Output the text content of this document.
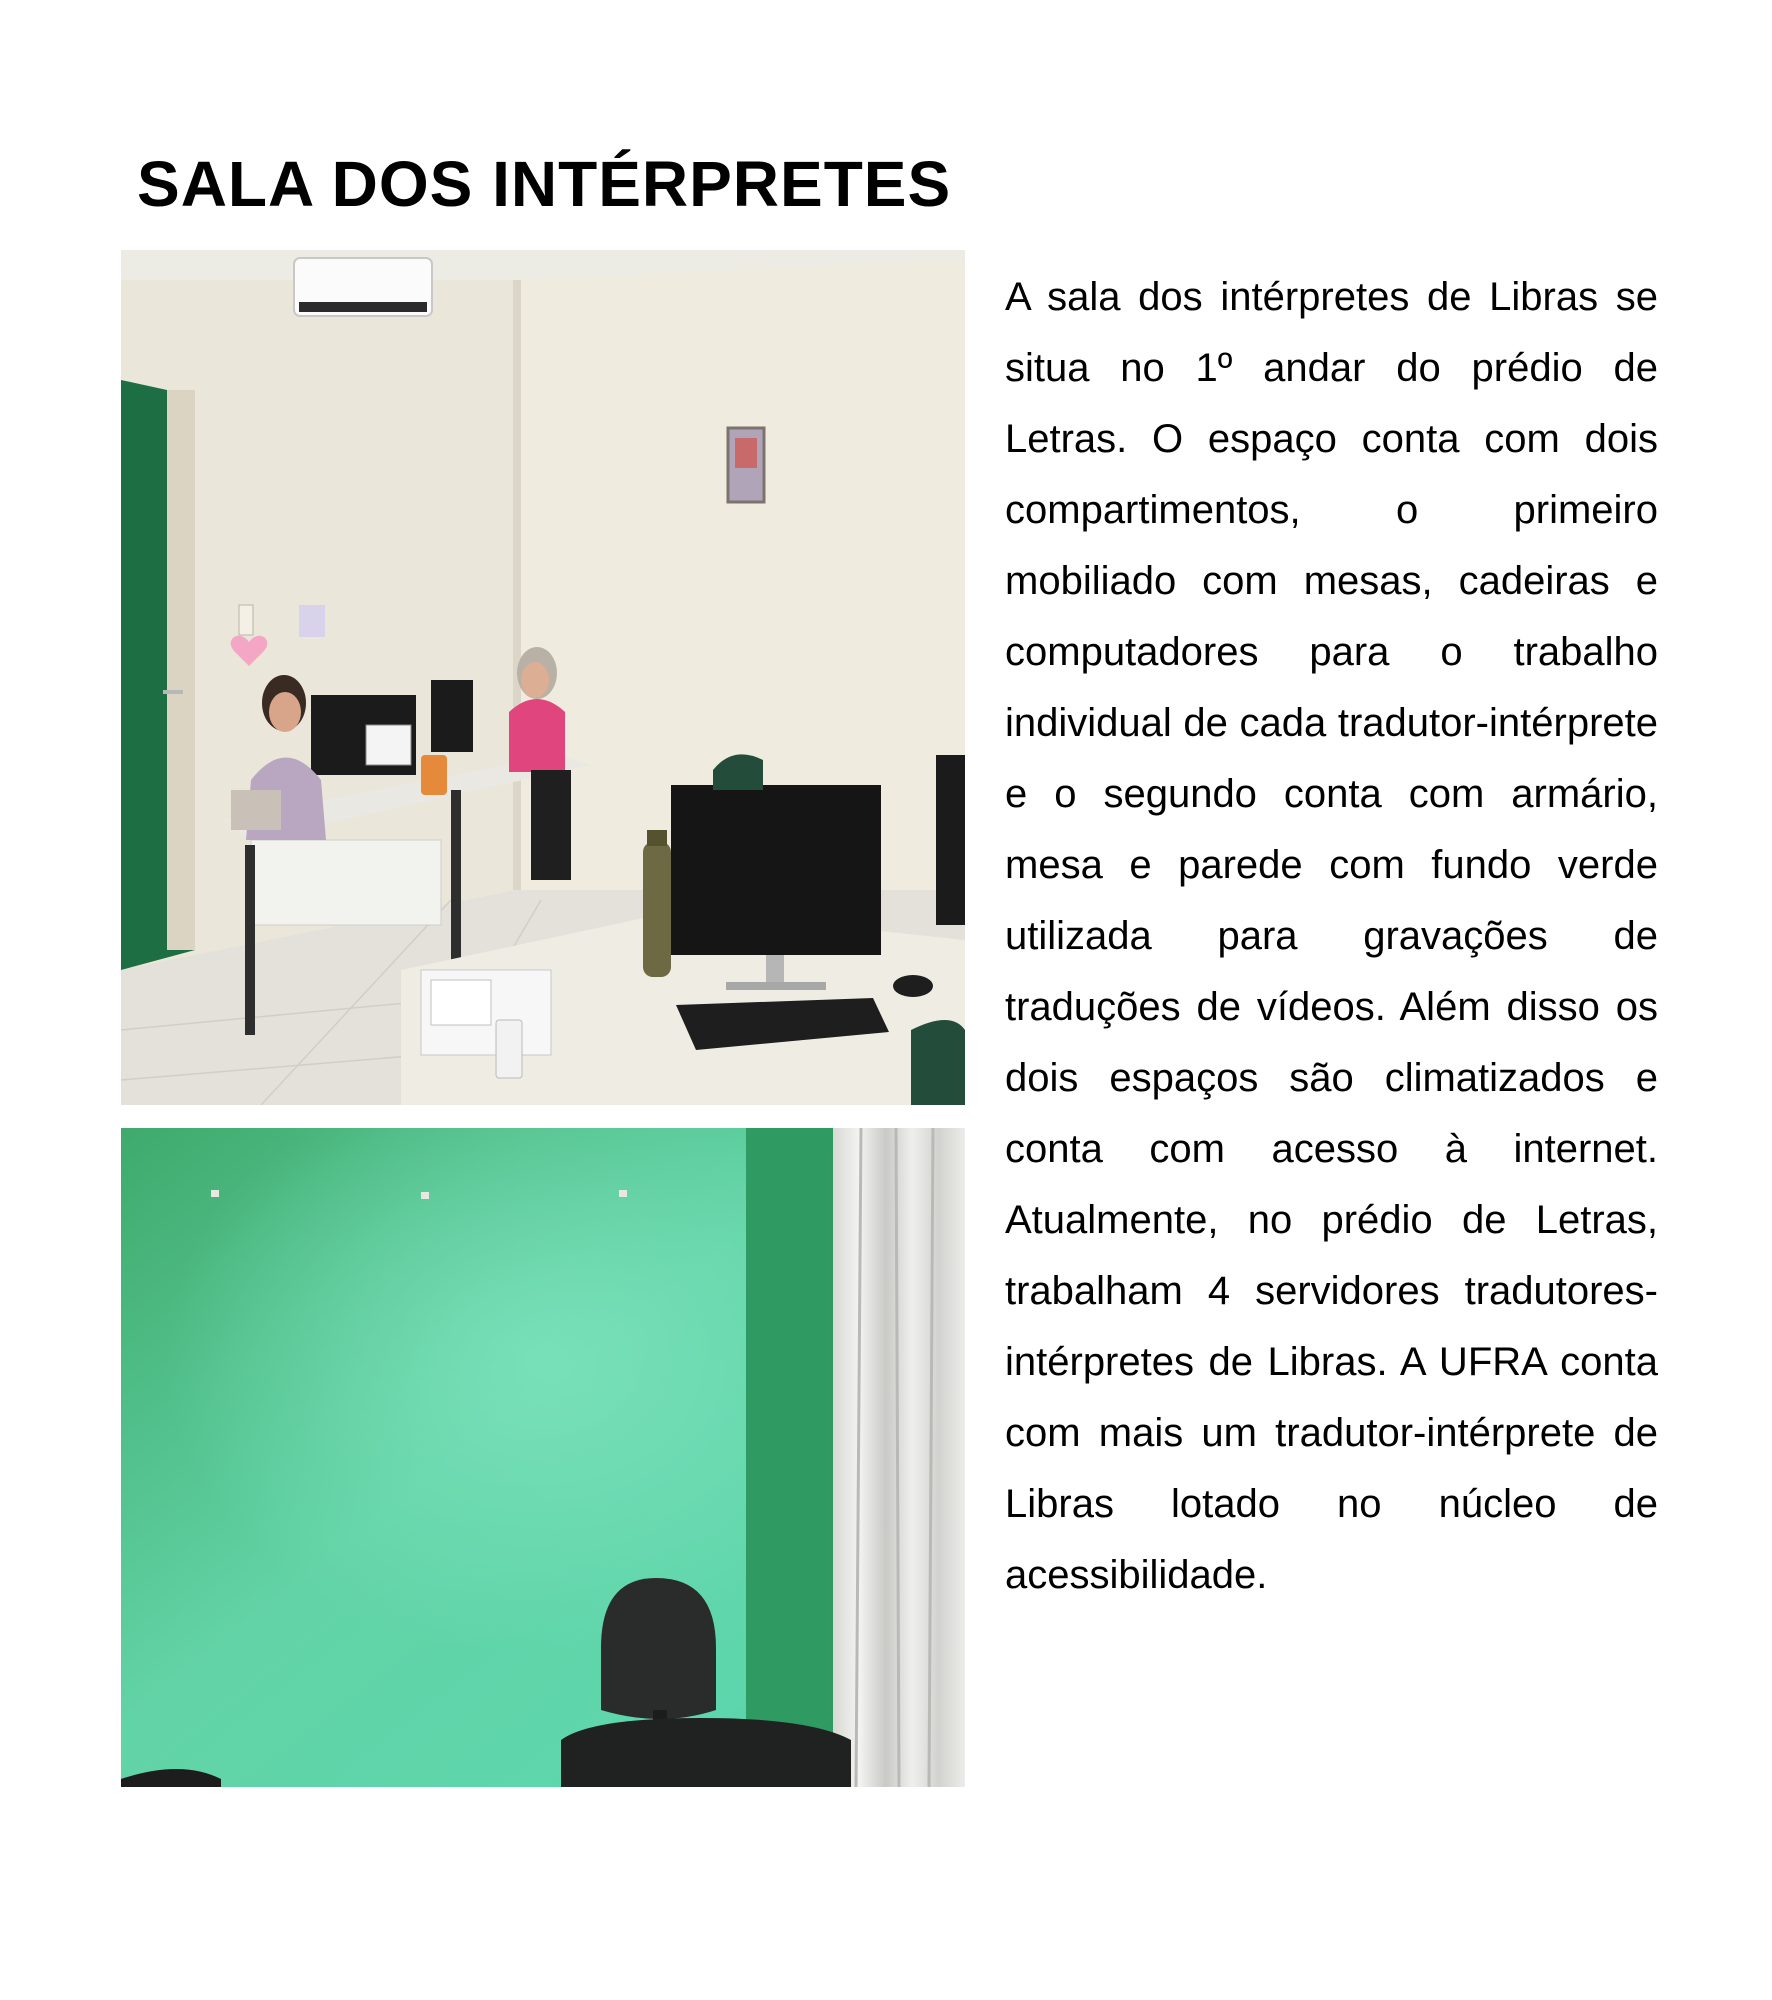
SALA DOS INTÉRPRETES

A sala dos intérpretes de Libras se situa no 1º andar do prédio de Letras. O espaço conta com dois compartimentos, o primeiro mobiliado com mesas, cadeiras e computadores para o trabalho individual de cada tradutor-intérprete e o segundo conta com armário, mesa e parede com fundo verde utilizada para gravações de traduções de vídeos. Além disso os dois espaços são climatizados e conta com acesso à internet. Atualmente, no prédio de Letras, trabalham 4 servidores tradutores-intérpretes de Libras. A UFRA conta com mais um tradutor-intérprete de Libras lotado no núcleo de acessibilidade.
